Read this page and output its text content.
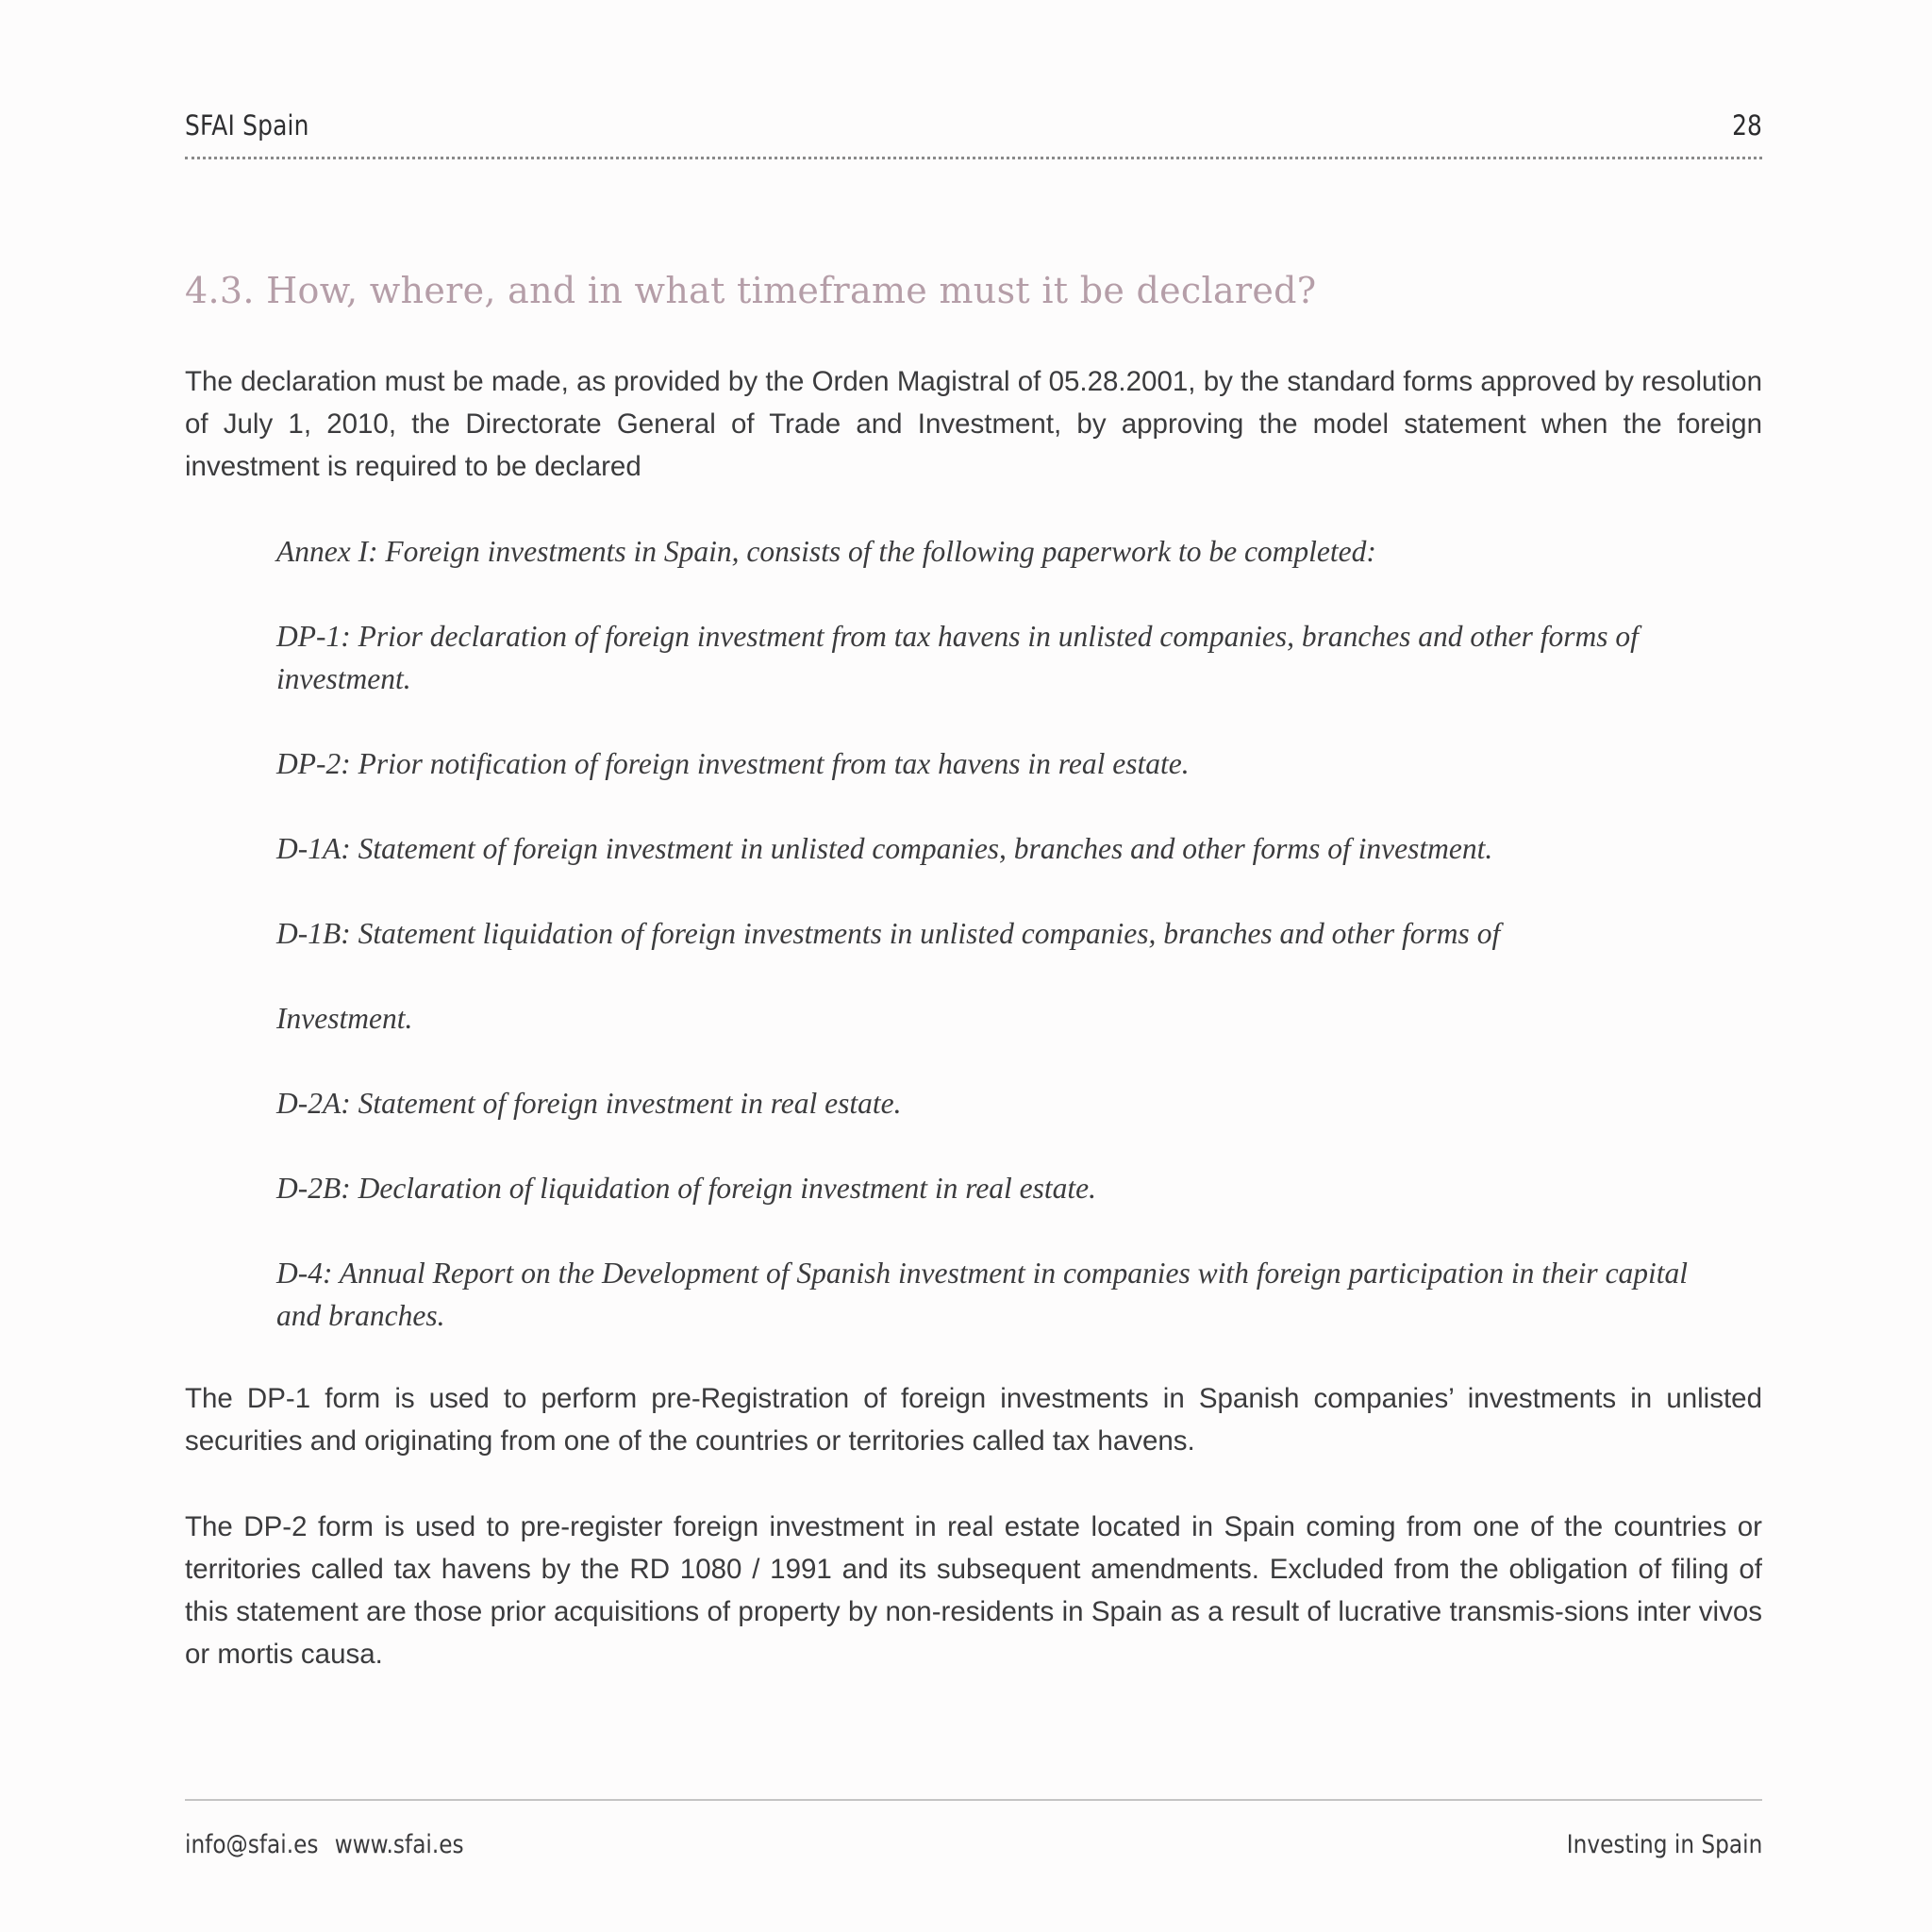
SFAI Spain	28
4.3. How, where, and in what timeframe must it be declared?

The declaration must be made, as provided by the Orden Magistral of 05.28.2001, by the standard forms approved by resolution of July 1, 2010, the Directorate General of Trade and Investment, by approving the model statement when the foreign investment is required to be declared

Annex I: Foreign investments in Spain, consists of the following paperwork to be completed:
DP-1: Prior declaration of foreign investment from tax havens in unlisted companies, branches and other forms of investment.
DP-2: Prior notification of foreign investment from tax havens in real estate.
D-1A: Statement of foreign investment in unlisted companies, branches and other forms of investment.
D-1B: Statement liquidation of foreign investments in unlisted companies, branches and other forms of
Investment.
D-2A: Statement of foreign investment in real estate.
D-2B: Declaration of liquidation of foreign investment in real estate.
D-4: Annual Report on the Development of Spanish investment in companies with foreign participation in their capital and branches.

The DP-1 form is used to perform pre-Registration of foreign investments in Spanish companies’ investments in unlisted securities and originating from one of the countries or territories called tax havens.

The DP-2 form is used to pre-register foreign investment in real estate located in Spain coming from one of the countries or territories called tax havens by the RD 1080 / 1991 and its subsequent amendments. Excluded from the obligation of filing of this statement are those prior acquisitions of property by non-residents in Spain as a result of lucrative transmis-sions inter vivos or mortis causa.

info@sfai.es www.sfai.es	Investing in Spain
